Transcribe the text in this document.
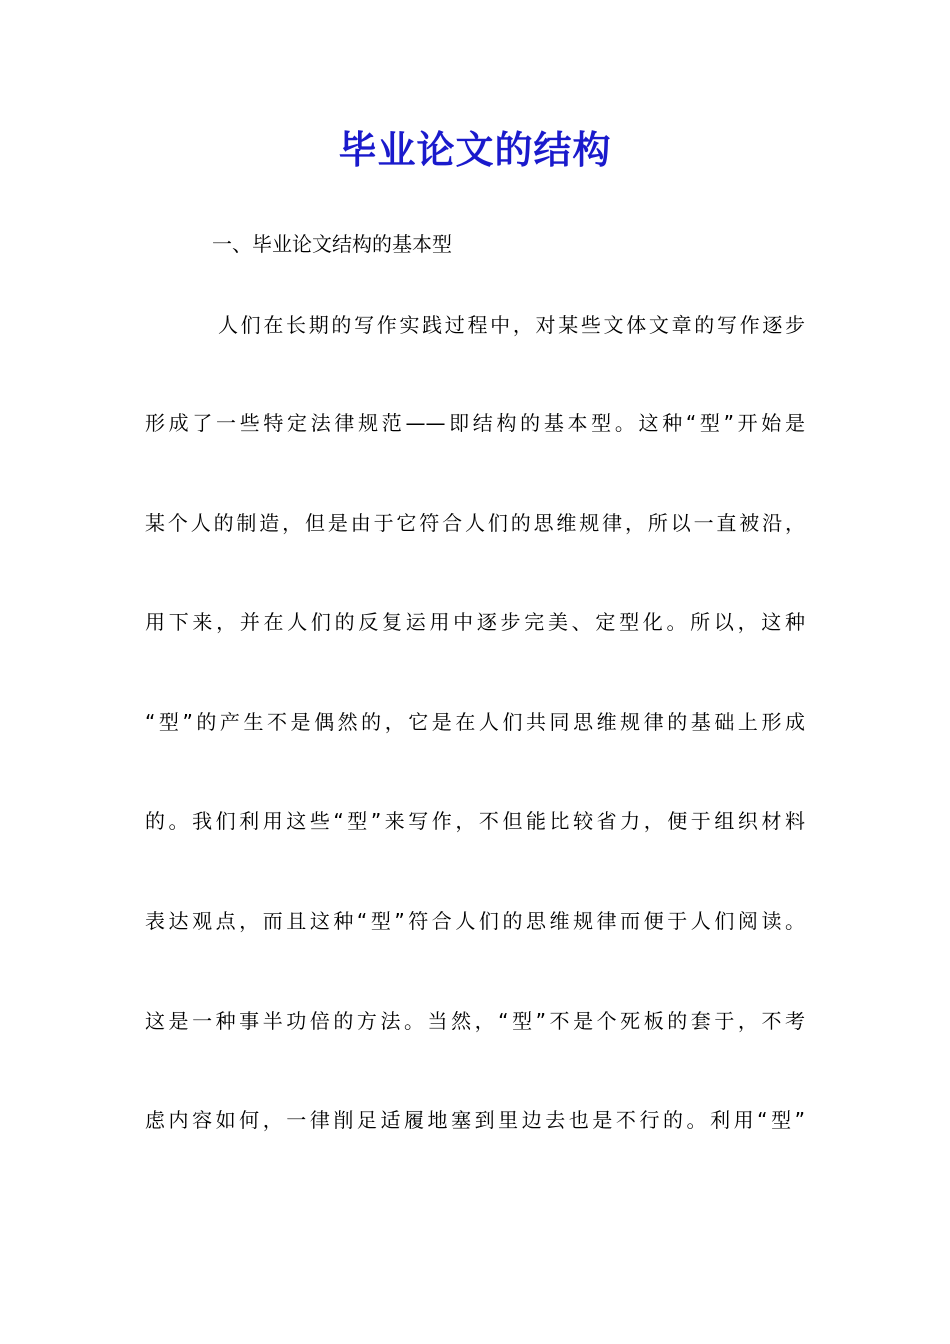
毕业论文的结构
一、毕业论文结构的基本型
人们在长期的写作实践过程中，对某些文体文章的写作逐步
形成了一些特定法律规范——即结构的基本型。这种“型”开始是
某个人的制造，但是由于它符合人们的思维规律，所以一直被沿，
用下来，并在人们的反复运用中逐步完美、定型化。所以，这种
“型”的产生不是偶然的，它是在人们共同思维规律的基础上形成
的。我们利用这些“型”来写作，不但能比较省力，便于组织材料
表达观点，而且这种“型”符合人们的思维规律而便于人们阅读。
这是一种事半功倍的方法。当然，“型”不是个死板的套于，不考
虑内容如何，一律削足适履地塞到里边去也是不行的。利用“型”
